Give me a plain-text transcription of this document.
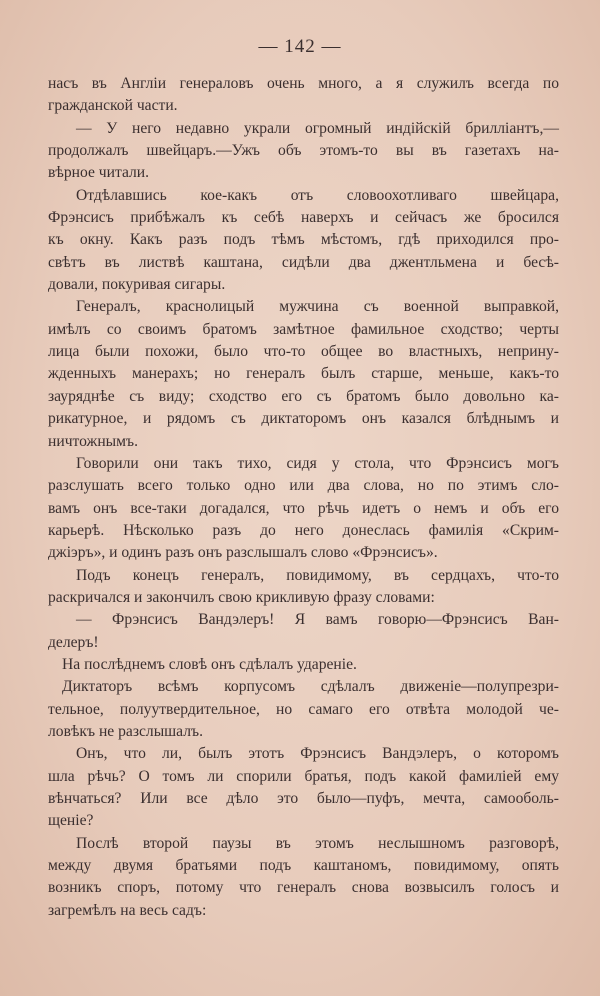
— 142 —
насъ въ Англіи генераловъ очень много, а я служилъ всегда по
гражданской части.
— У него недавно украли огромный индійскій брилліантъ,—
продолжалъ швейцаръ.—Ужъ объ этомъ-то вы въ газетахъ на-
вѣрное читали.
Отдѣлавшись кое-какъ отъ словоохотливаго швейцара,
Фрэнсисъ прибѣжалъ къ себѣ наверхъ и сейчасъ же бросился
къ окну. Какъ разъ подъ тѣмъ мѣстомъ, гдѣ приходился про-
свѣтъ въ листвѣ каштана, сидѣли два джентльмена и бесѣ-
довали, покуривая сигары.
Генералъ, краснолицый мужчина съ военной выправкой,
имѣлъ со своимъ братомъ замѣтное фамильное сходство; черты
лица были похожи, было что-то общее во властныхъ, неприну-
жденныхъ манерахъ; но генералъ былъ старше, меньше, какъ-то
зауряднѣе съ виду; сходство его съ братомъ было довольно ка-
рикатурное, и рядомъ съ диктаторомъ онъ казался блѣднымъ и
ничтожнымъ.
Говорили они такъ тихо, сидя у стола, что Фрэнсисъ могъ
разслушать всего только одно или два слова, но по этимъ сло-
вамъ онъ все-таки догадался, что рѣчь идетъ о немъ и объ его
карьерѣ. Нѣсколько разъ до него донеслась фамилія «Скрим-
джіэръ», и одинъ разъ онъ разслышалъ слово «Фрэнсисъ».
Подъ конецъ генералъ, повидимому, въ сердцахъ, что-то
раскричался и закончилъ свою крикливую фразу словами:
— Фрэнсисъ Вандэлеръ! Я вамъ говорю—Фрэнсисъ Ван-
делеръ!
На послѣднемъ словѣ онъ сдѣлалъ удареніе.
Диктаторъ всѣмъ корпусомъ сдѣлалъ движеніе—полупрезри-
тельное, полуутвердительное, но самаго его отвѣта молодой че-
ловѣкъ не разслышалъ.
Онъ, что ли, былъ этотъ Фрэнсисъ Вандэлеръ, о которомъ
шла рѣчь? О томъ ли спорили братья, подъ какой фамиліей ему
вѣнчаться? Или все дѣло это было—пуфъ, мечта, самооболь-
щеніе?
Послѣ второй паузы въ этомъ неслышномъ разговорѣ,
между двумя братьями подъ каштаномъ, повидимому, опять
возникъ споръ, потому что генералъ снова возвысилъ голосъ и
загремѣлъ на весь садъ:
